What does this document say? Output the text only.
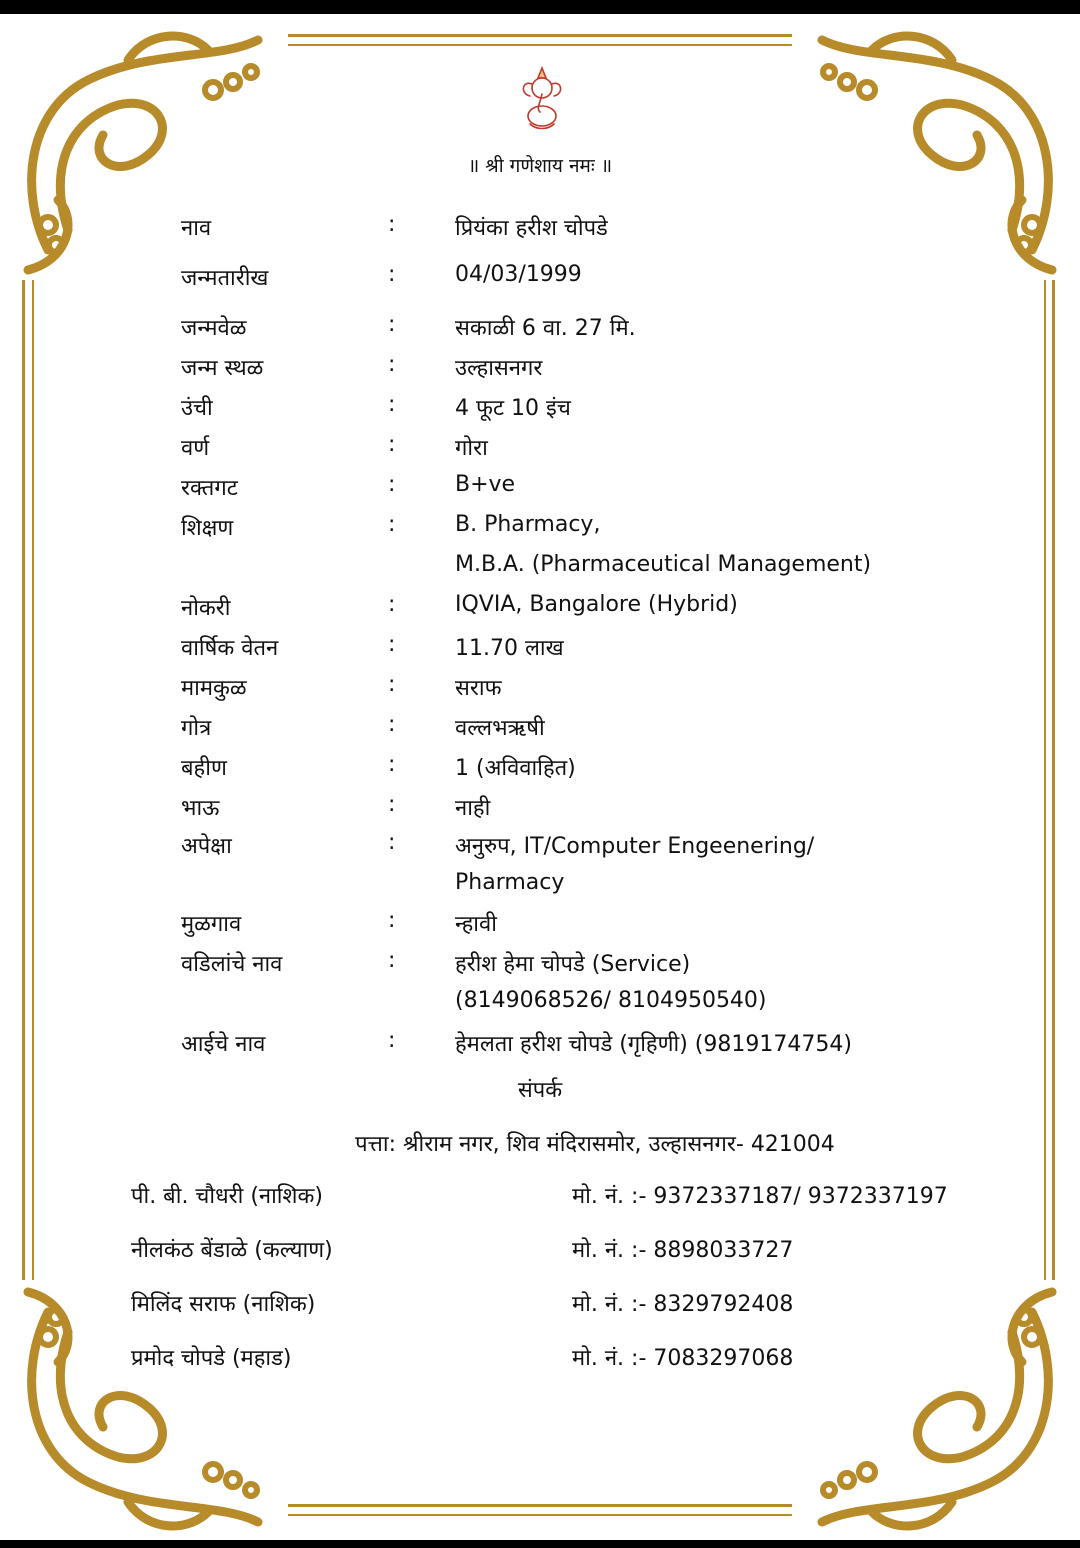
॥ श्री गणेशाय नमः ॥
नाव	:	प्रियंका हरीश चोपडे
जन्मतारीख	:	04/03/1999
जन्मवेळ	:	सकाळी 6 वा. 27 मि.
जन्म स्थळ	:	उल्हासनगर
उंची	:	4 फूट 10 इंच
वर्ण	:	गोरा
रक्तगट	:	B+ve
शिक्षण	:	B. Pharmacy,
M.B.A. (Pharmaceutical Management)
नोकरी	:	IQVIA, Bangalore (Hybrid)
वार्षिक वेतन	:	11.70 लाख
मामकुळ	:	सराफ
गोत्र	:	वल्लभऋषी
बहीण	:	1 (अविवाहित)
भाऊ	:	नाही
अपेक्षा	:	अनुरुप, IT/Computer Engeenering/
Pharmacy
मुळगाव	:	न्हावी
वडिलांचे नाव	:	हरीश हेमा चोपडे (Service)
(8149068526/ 8104950540)
आईचे नाव	:	हेमलता हरीश चोपडे (गृहिणी) (9819174754)
संपर्क
पत्ता: श्रीराम नगर, शिव मंदिरासमोर, उल्हासनगर- 421004
पी. बी. चौधरी (नाशिक)	मो. नं. :- 9372337187/ 9372337197
नीलकंठ बेंडाळे (कल्याण)	मो. नं. :- 8898033727
मिलिंद सराफ (नाशिक)	मो. नं. :- 8329792408
प्रमोद चोपडे (महाड)	मो. नं. :- 7083297068
